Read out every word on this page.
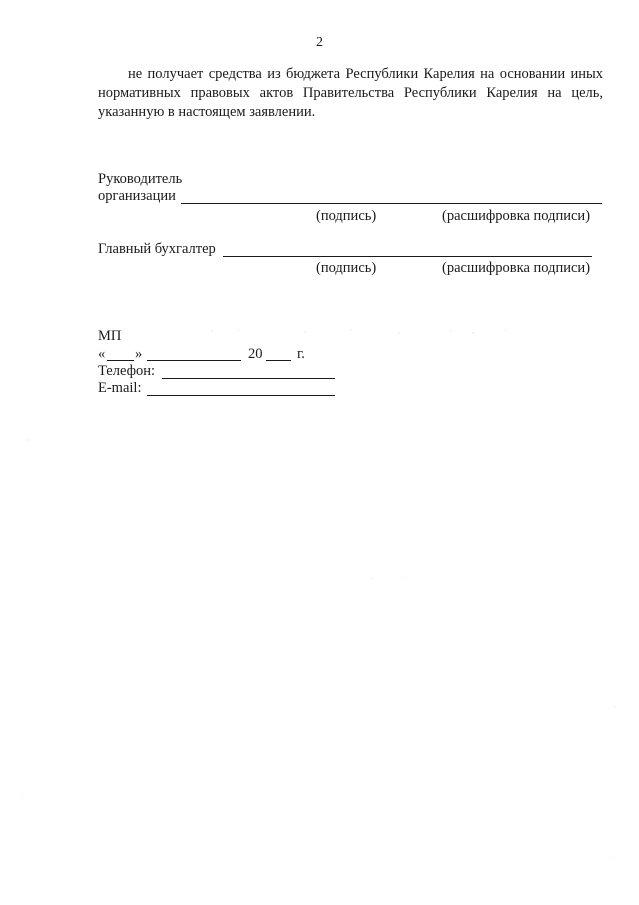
2
не получает средства из бюджета Республики Карелия на основании иных нормативных правовых актов Правительства Республики Карелия на цель, указанную в настоящем заявлении.
Руководитель
организации
(подпись)	(расшифровка подписи)
Главный бухгалтер
(подпись)	(расшифровка подписи)
МП
« »	20 г.
Телефон:
E-mail:
